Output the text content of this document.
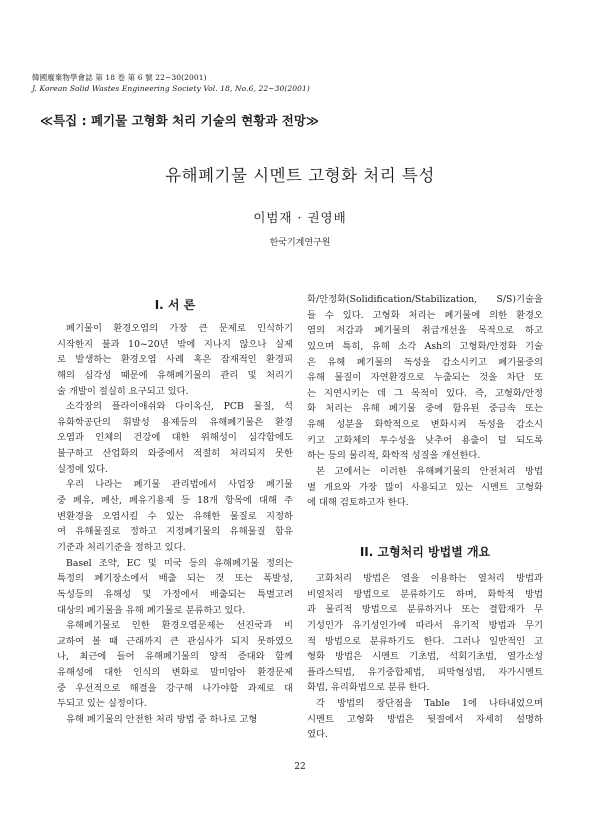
韓國廢棄物學會誌 第 18 卷 第 6 號 22~30(2001)
J. Korean Solid Wastes Engineering Society Vol. 18, No.6, 22~30(2001)
≪특집 : 폐기물 고형화 처리 기술의 현황과 전망≫
유해폐기물 시멘트 고형화 처리 특성
이범재 · 권영배
한국기계연구원
I. 서 론
폐기물이 환경오염의 가장 큰 문제로 인식하기
시작한지 불과 10~20년 밖에 지나지 않으나 실제
로 발생하는 환경오염 사례 혹은 잠재적인 환경피
해의 심각성 때문에 유해폐기물의 관리 및 처리기
술 개발이 절실히 요구되고 있다.
소각장의 플라이애쉬와 다이옥신, PCB 물질, 석
유화학공단의 휘발성 용제등의 유해폐기물은 환경
오염과 인체의 건강에 대한 위해성이 심각함에도
불구하고 산업화의 와중에서 적절히 처리되지 못한
실정에 있다.
우리 나라는 폐기물 관리법에서 사업장 폐기물
중 폐유, 폐산, 폐유기용제 등 18개 항목에 대해 주
변환경을 오염시킬 수 있는 유해한 물질로 지정하
여 유해물질로 정하고 지정폐기물의 유해물질 함유
기준과 처리기준을 정하고 있다.
Basel 조약, EC 및 미국 등의 유해폐기물 정의는
특정의 폐기장소에서 배출 되는 것 또는 폭발성,
독성등의 유해성 및 가정에서 배출되는 특별고려
대상의 폐기물을 유해 폐기물로 분류하고 있다.
유해폐기물로 인한 환경오염문제는 선진국과 비
교하여 볼 때 근래까지 큰 관심사가 되지 못하였으
나, 최근에 들어 유해폐기물의 양적 증대와 함께
유해성에 대한 인식의 변화로 말미암아 환경문제
중 우선적으로 해결을 강구해 나가야할 과제로 대
두되고 있는 실정이다.
유해 폐기물의 안전한 처리 방법 중 하나로 고형
화/안정화(Solidification/Stabilization, S/S)기술을
들 수 있다. 고형화 처리는 폐기물에 의한 환경오
염의 저감과 폐기물의 취급개선을 목적으로 하고
있으며 특히, 유해 소각 Ash의 고형화/안정화 기술
은 유해 폐기물의 독성을 감소시키고 폐기물중의
유해 물질이 자연환경으로 누출되는 것을 차단 또
는 지연시키는 데 그 목적이 있다. 즉, 고형화/안정
화 처리는 유해 폐기물 중에 함유된 중금속 또는
유해 성분을 화학적으로 변화시켜 독성을 감소시
키고 고화체의 투수성을 낮추어 용출이 덜 되도록
하는 등의 물리적, 화학적 성질을 개선한다.
본 고에서는 이러한 유해폐기물의 안전처리 방법
별 개요와 가장 많이 사용되고 있는 시멘트 고형화
에 대해 검토하고자 한다.
II. 고형처리 방법별 개요
고화처리 방법은 열을 이용하는 열처리 방법과
비열처리 방법으로 분류하기도 하며, 화학적 방법
과 물리적 방법으로 분류하거나 또는 결합재가 무
기성인가 유기성인가에 따라서 유기적 방법과 무기
적 방법으로 분류하기도 한다. 그러나 일반적인 고
형화 방법은 시멘트 기초법, 석회기초법, 열가소성
플라스틱법, 유기중합체법, 피막형성법, 자가시멘트
화법, 유리화법으로 분류 한다.
각 방법의 장단점을 Table 1에 나타내었으며
시멘트 고형화 방법은 뒷절에서 자세히 설명하
였다.
22
